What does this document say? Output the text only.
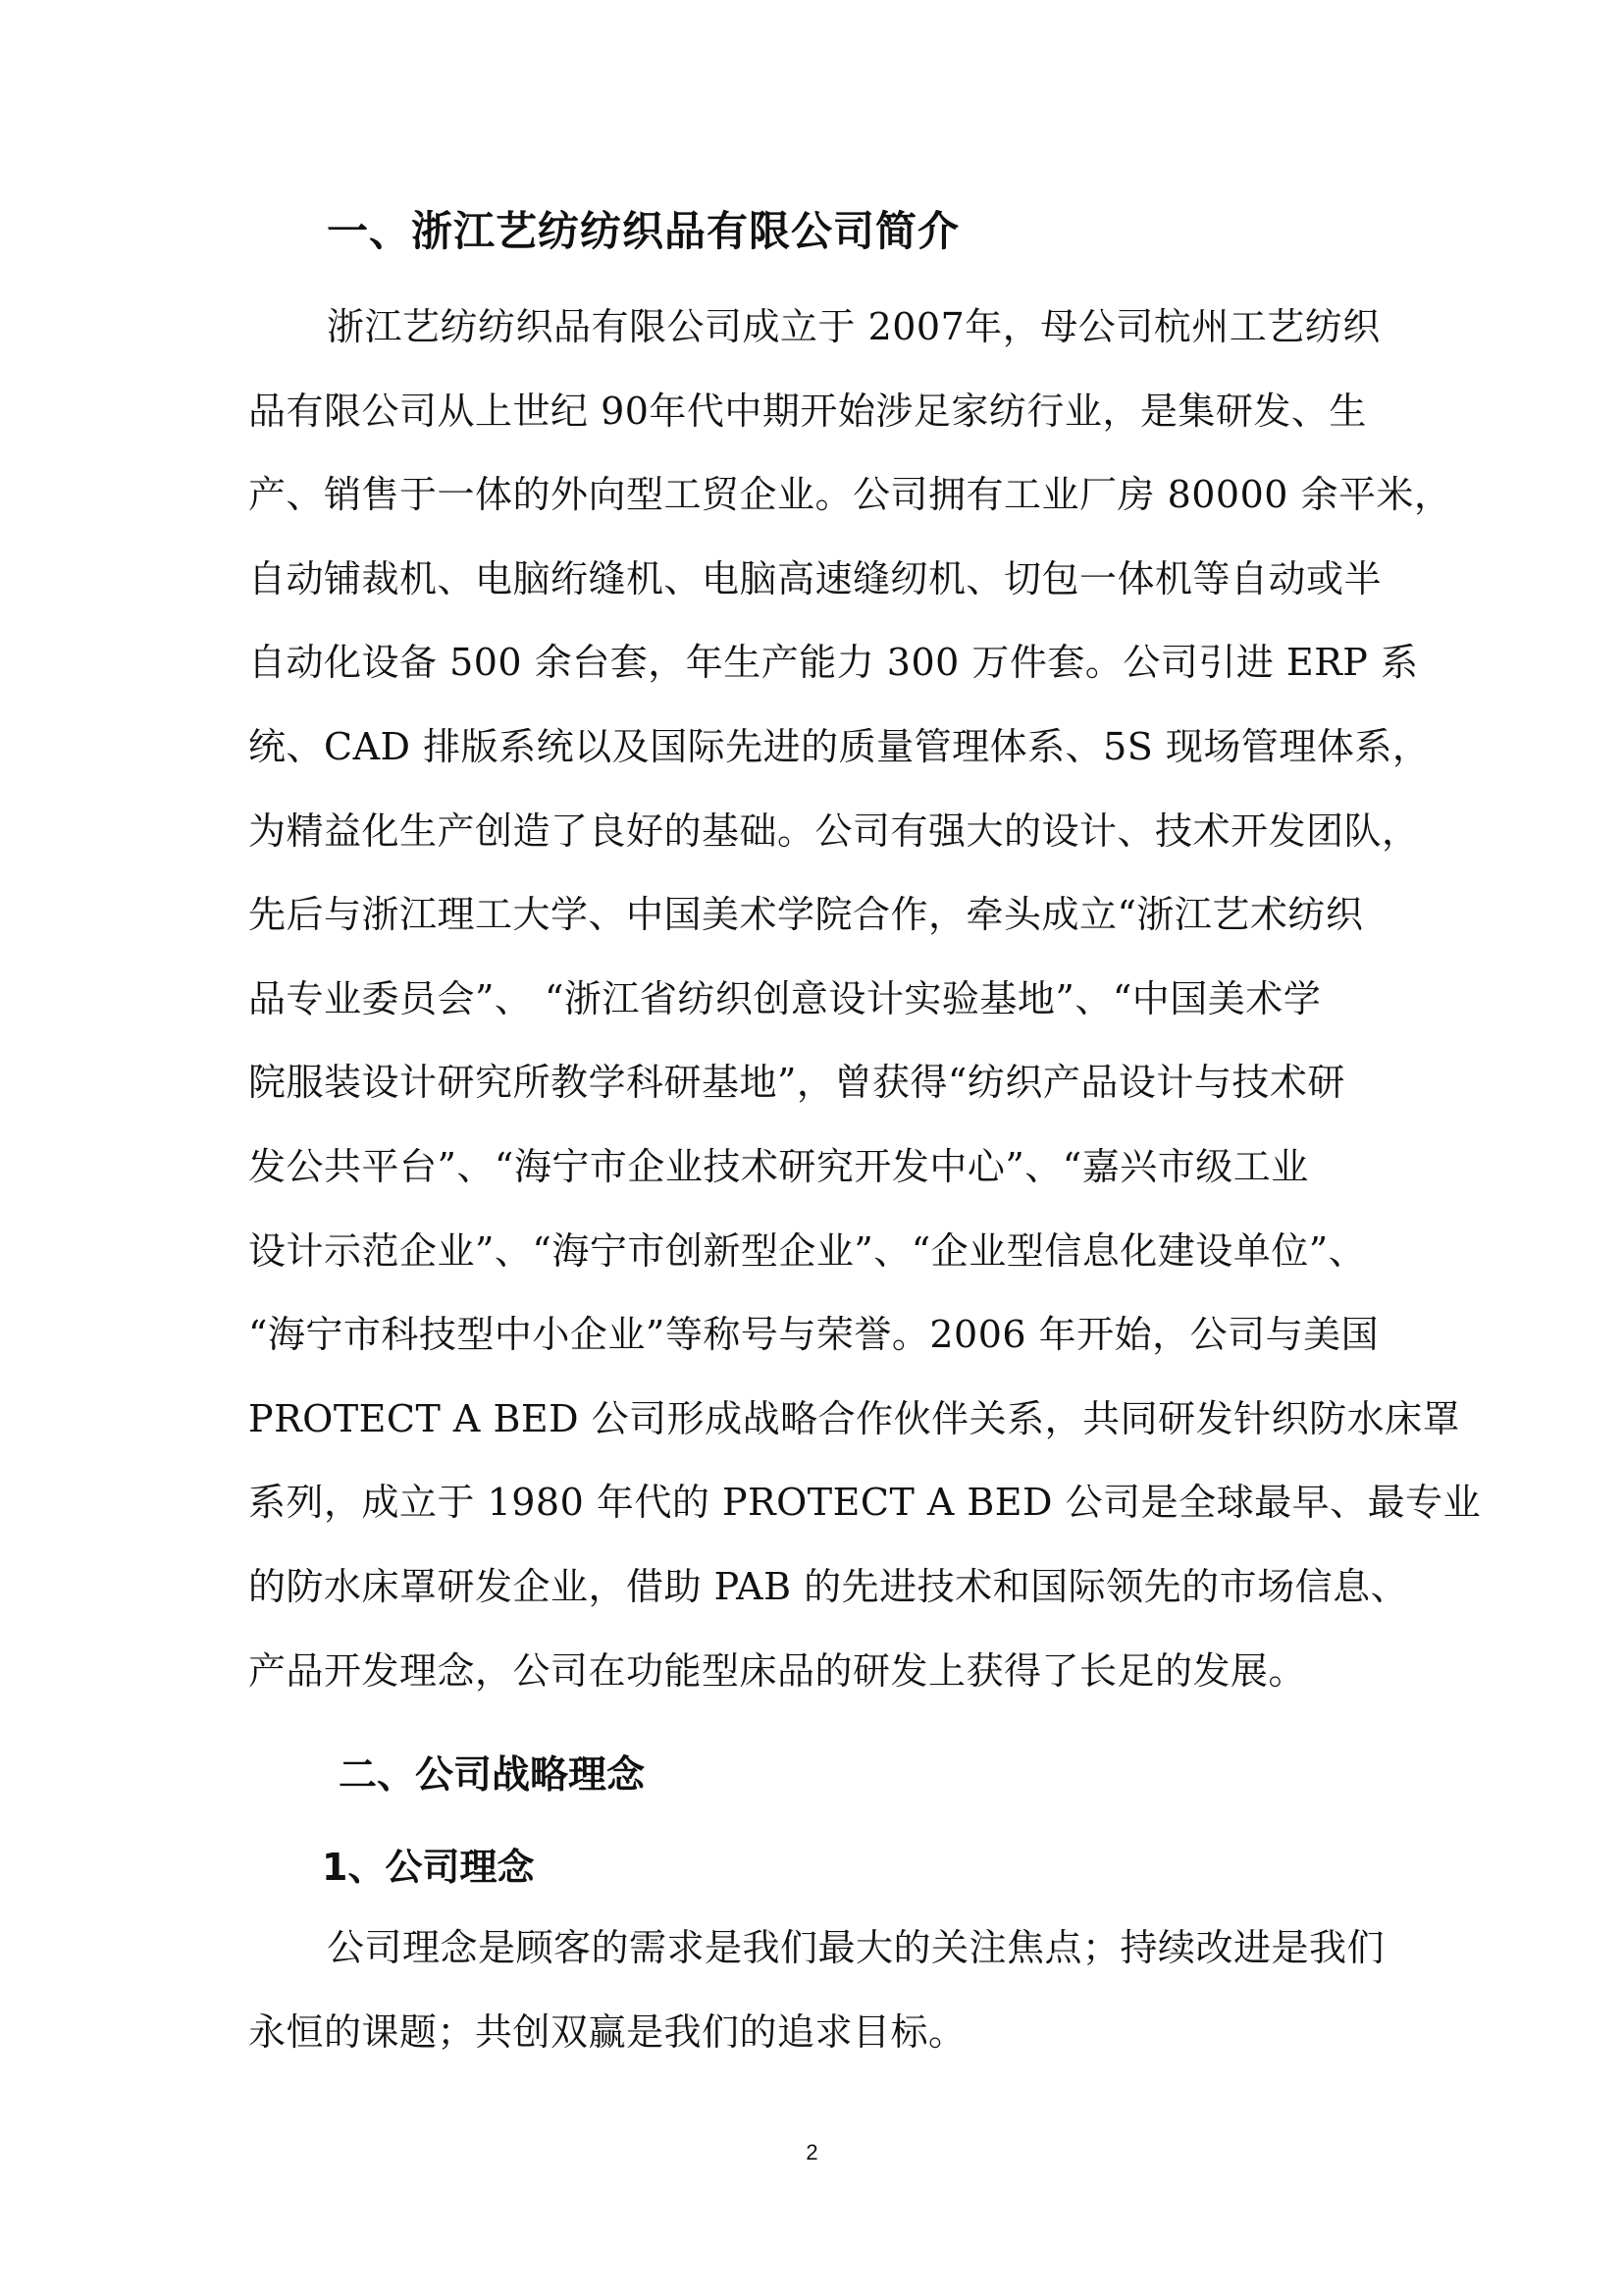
一、浙江艺纺纺织品有限公司简介
浙江艺纺纺织品有限公司成立于 2007年，母公司杭州工艺纺织
品有限公司从上世纪 90年代中期开始涉足家纺行业，是集研发、生
产、销售于一体的外向型工贸企业。公司拥有工业厂房 80000 余平米，
自动铺裁机、电脑绗缝机、电脑高速缝纫机、切包一体机等自动或半
自动化设备 500 余台套，年生产能力 300 万件套。公司引进 ERP 系
统、CAD 排版系统以及国际先进的质量管理体系、5S 现场管理体系，
为精益化生产创造了良好的基础。公司有强大的设计、技术开发团队，
先后与浙江理工大学、中国美术学院合作，牵头成立“浙江艺术纺织
品专业委员会”、 “浙江省纺织创意设计实验基地”、“中国美术学
院服装设计研究所教学科研基地”，曾获得“纺织产品设计与技术研
发公共平台”、“海宁市企业技术研究开发中心”、“嘉兴市级工业
设计示范企业”、“海宁市创新型企业”、“企业型信息化建设单位”、
“海宁市科技型中小企业”等称号与荣誉。2006 年开始，公司与美国
PROTECT A BED 公司形成战略合作伙伴关系，共同研发针织防水床罩
系列，成立于 1980 年代的 PROTECT A BED 公司是全球最早、最专业
的防水床罩研发企业，借助 PAB 的先进技术和国际领先的市场信息、
产品开发理念，公司在功能型床品的研发上获得了长足的发展。
二、公司战略理念
1、公司理念
公司理念是顾客的需求是我们最大的关注焦点；持续改进是我们
永恒的课题；共创双赢是我们的追求目标。
2
